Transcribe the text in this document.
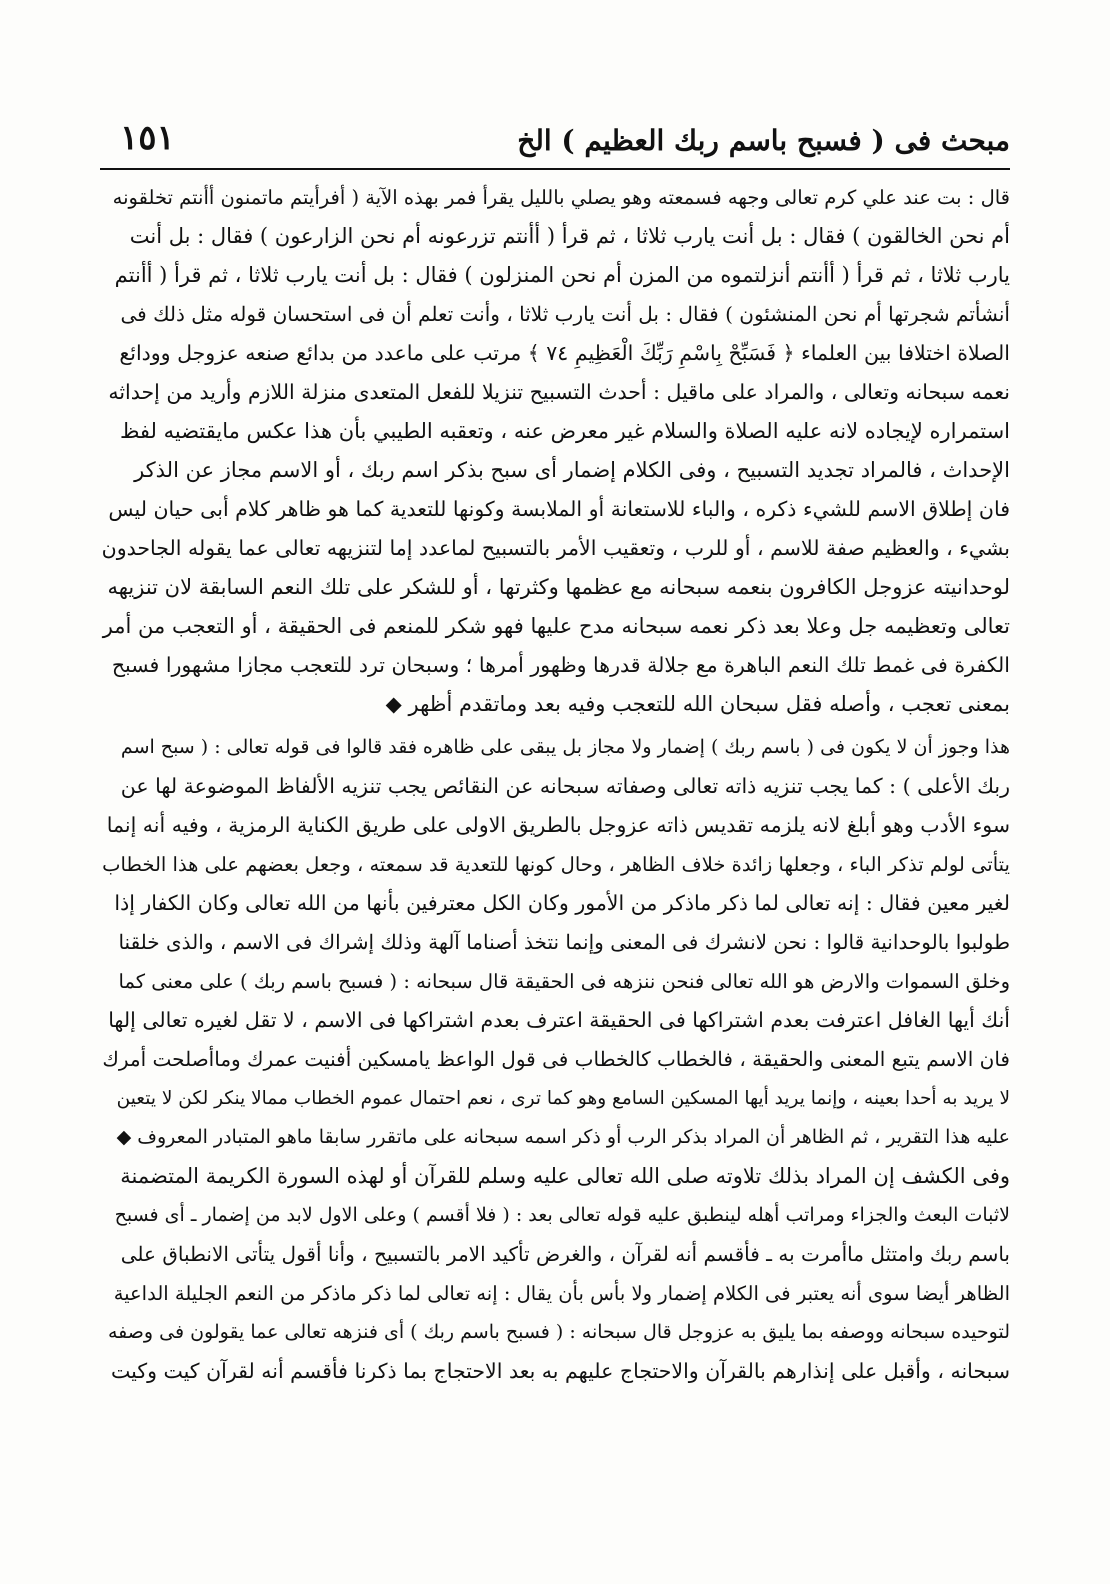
مبحث فى ( فسبح باسم ربك العظيم ) الخ
١٥١
قال : بت عند علي كرم تعالى وجهه فسمعته وهو يصلي بالليل يقرأ فمر بهذه الآية ( أفرأيتم ماتمنون أأنتم تخلقونه
أم نحن الخالقون ) فقال : بل أنت يارب ثلاثا ، ثم قرأ ( أأنتم تزرعونه أم نحن الزارعون ) فقال : بل أنت
يارب ثلاثا ، ثم قرأ ( أأنتم أنزلتموه من المزن أم نحن المنزلون ) فقال : بل أنت يارب ثلاثا ، ثم قرأ ( أأنتم
أنشأتم شجرتها أم نحن المنشئون ) فقال : بل أنت يارب ثلاثا ، وأنت تعلم أن فى استحسان قوله مثل ذلك فى
الصلاة اختلافا بين العلماء ﴿ فَسَبِّحْ بِاسْمِ رَبِّكَ الْعَظِيمِ ٧٤ ﴾ مرتب على ماعدد من بدائع صنعه عزوجل وودائع
نعمه سبحانه وتعالى ، والمراد على ماقيل : أحدث التسبيح تنزيلا للفعل المتعدى منزلة اللازم وأريد من إحداثه
استمراره لإيجاده لانه عليه الصلاة والسلام غير معرض عنه ، وتعقبه الطيبي بأن هذا عكس مايقتضيه لفظ
الإحداث ، فالمراد تجديد التسبيح ، وفى الكلام إضمار أى سبح بذكر اسم ربك ، أو الاسم مجاز عن الذكر
فان إطلاق الاسم للشيء ذكره ، والباء للاستعانة أو الملابسة وكونها للتعدية كما هو ظاهر كلام أبى حيان ليس
بشيء ، والعظيم صفة للاسم ، أو للرب ، وتعقيب الأمر بالتسبيح لماعدد إما لتنزيهه تعالى عما يقوله الجاحدون
لوحدانيته عزوجل الكافرون بنعمه سبحانه مع عظمها وكثرتها ، أو للشكر على تلك النعم السابقة لان تنزيهه
تعالى وتعظيمه جل وعلا بعد ذكر نعمه سبحانه مدح عليها فهو شكر للمنعم فى الحقيقة ، أو التعجب من أمر
الكفرة فى غمط تلك النعم الباهرة مع جلالة قدرها وظهور أمرها ؛ وسبحان ترد للتعجب مجازا مشهورا فسبح
بمعنى تعجب ، وأصله فقل سبحان الله للتعجب وفيه بعد وماتقدم أظهر ◆
هذا وجوز أن لا يكون فى ( باسم ربك ) إضمار ولا مجاز بل يبقى على ظاهره فقد قالوا فى قوله تعالى : ( سبح اسم
ربك الأعلى ) : كما يجب تنزيه ذاته تعالى وصفاته سبحانه عن النقائص يجب تنزيه الألفاظ الموضوعة لها عن
سوء الأدب وهو أبلغ لانه يلزمه تقديس ذاته عزوجل بالطريق الاولى على طريق الكناية الرمزية ، وفيه أنه إنما
يتأتى لولم تذكر الباء ، وجعلها زائدة خلاف الظاهر ، وحال كونها للتعدية قد سمعته ، وجعل بعضهم على هذا الخطاب
لغير معين فقال : إنه تعالى لما ذكر ماذكر من الأمور وكان الكل معترفين بأنها من الله تعالى وكان الكفار إذا
طولبوا بالوحدانية قالوا : نحن لانشرك فى المعنى وإنما نتخذ أصناما آلهة وذلك إشراك فى الاسم ، والذى خلقنا
وخلق السموات والارض هو الله تعالى فنحن ننزهه فى الحقيقة قال سبحانه : ( فسبح باسم ربك ) على معنى كما
أنك أيها الغافل اعترفت بعدم اشتراكها فى الحقيقة اعترف بعدم اشتراكها فى الاسم ، لا تقل لغيره تعالى إلها
فان الاسم يتبع المعنى والحقيقة ، فالخطاب كالخطاب فى قول الواعظ يامسكين أفنيت عمرك وماأصلحت أمرك
لا يريد به أحدا بعينه ، وإنما يريد أيها المسكين السامع وهو كما ترى ، نعم احتمال عموم الخطاب ممالا ينكر لكن لا يتعين
عليه هذا التقرير ، ثم الظاهر أن المراد بذكر الرب أو ذكر اسمه سبحانه على ماتقرر سابقا ماهو المتبادر المعروف ◆
وفى الكشف إن المراد بذلك تلاوته صلى الله تعالى عليه وسلم للقرآن أو لهذه السورة الكريمة المتضمنة
لاثبات البعث والجزاء ومراتب أهله لينطبق عليه قوله تعالى بعد : ( فلا أقسم ) وعلى الاول لابد من إضمار ـ أى فسبح
باسم ربك وامتثل ماأمرت به ـ فأقسم أنه لقرآن ، والغرض تأكيد الامر بالتسبيح ، وأنا أقول يتأتى الانطباق على
الظاهر أيضا سوى أنه يعتبر فى الكلام إضمار ولا بأس بأن يقال : إنه تعالى لما ذكر ماذكر من النعم الجليلة الداعية
لتوحيده سبحانه ووصفه بما يليق به عزوجل قال سبحانه : ( فسبح باسم ربك ) أى فنزهه تعالى عما يقولون فى وصفه
سبحانه ، وأقبل على إنذارهم بالقرآن والاحتجاج عليهم به بعد الاحتجاج بما ذكرنا فأقسم أنه لقرآن كيت وكيت
